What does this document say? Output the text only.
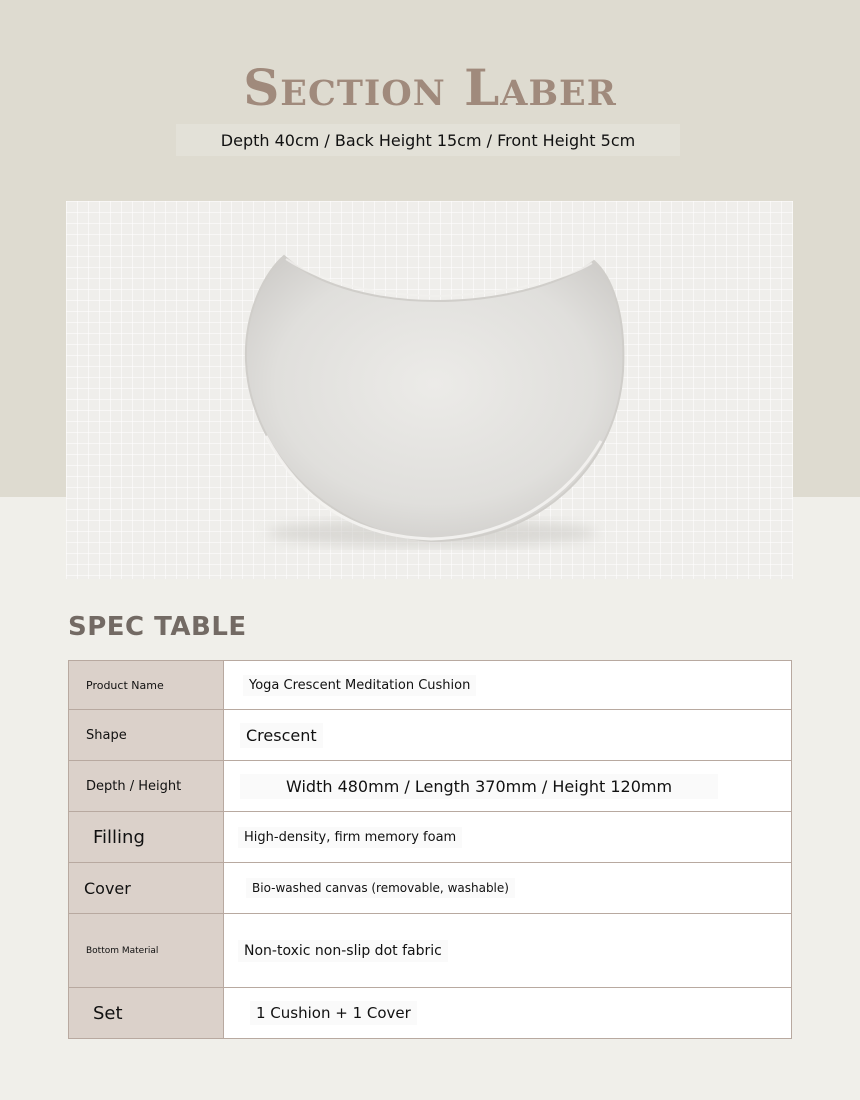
Section Laber
Depth 40cm / Back Height 15cm / Front Height 5cm
SPEC TABLE
Product Name	Yoga Crescent Meditation Cushion
Shape	Crescent
Depth / Height	Width 480mm / Length 370mm / Height 120mm
Filling	High-density, firm memory foam
Cover	Bio-washed canvas (removable, washable)
Bottom Material	Non-toxic non-slip dot fabric
Set	1 Cushion + 1 Cover
